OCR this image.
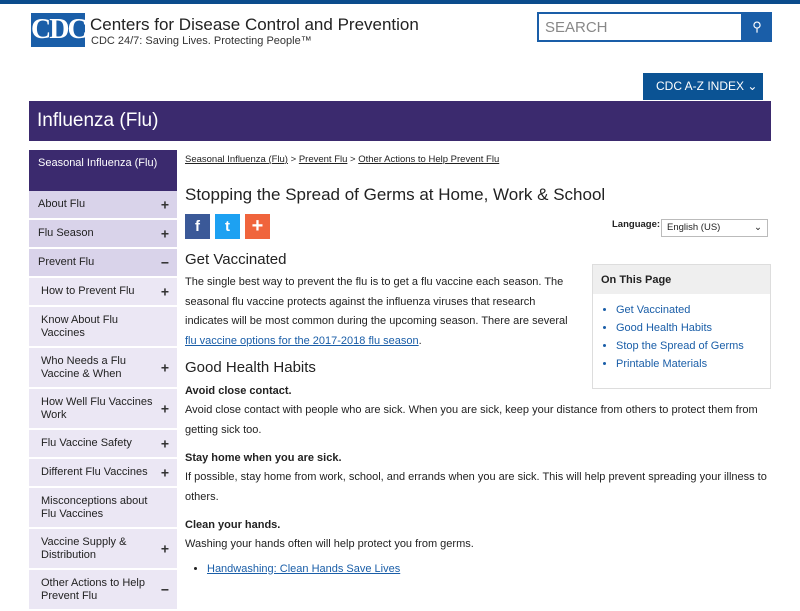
CDC Centers for Disease Control and Prevention
CDC 24/7: Saving Lives. Protecting People™
SEARCH	⚲
CDC A-Z INDEX ⌄
Influenza (Flu)
Seasonal Influenza (Flu)
About Flu	+
Flu Season	+
Prevent Flu	−
How to Prevent Flu +
Know About Flu Vaccines
Who Needs a Flu Vaccine & When	+
How Well Flu Vaccines Work	+
Flu Vaccine Safety +
Different Flu Vaccines +
Misconceptions about Flu Vaccines
Vaccine Supply & Distribution	+
Other Actions to Help Prevent Flu	−
Seasonal Influenza (Flu) > Prevent Flu > Other Actions to Help Prevent Flu
Stopping the Spread of Germs at Home, Work & School
f	t	+	Language: English (US)	⌄
On This Page
• Get Vaccinated
• Good Health Habits
• Stop the Spread of Germs
• Printable Materials
Get Vaccinated

The single best way to prevent the flu is to get a flu vaccine each season. The seasonal flu vaccine protects against the influenza viruses that research indicates will be most common during the upcoming season. There are several flu vaccine options for the 2017-2018 flu season.

Good Health Habits
Avoid close contact.

Avoid close contact with people who are sick. When you are sick, keep your distance from others to protect them from getting sick too.

Stay home when you are sick.

If possible, stay home from work, school, and errands when you are sick. This will help prevent spreading your illness to others.

Clean your hands.

Washing your hands often will help protect you from germs.

• Handwashing: Clean Hands Save Lives
